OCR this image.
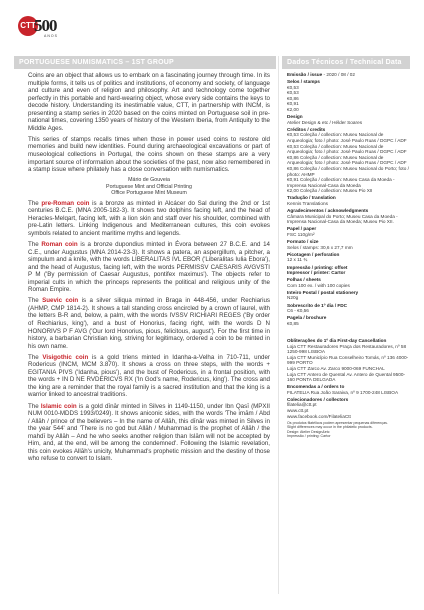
CTT
500
ANOS
PORTUGUESE NUMISMATICS – 1ST GROUP	Dados Técnicos / Technical Data

Coins are an object that allows us to embark on a fascinating journey through time. In its multiple forms, it tells us of politics and institutions, of economy and society, of language and culture and even of religion and philosophy. Art and technology come together perfectly in this portable and hard-wearing object, whose every side contains the keys to decode history. Understanding its inestimable value, CTT, in partnership with INCM, is presenting a stamp series in 2020 based on the coins minted on Portuguese soil in pre-national times, covering 1350 years of history of the Western Iberia, from Antiquity to the Middle Ages.

This series of stamps recalls times when those in power used coins to restore old memories and build new identities. Found during archaeological excavations or part of museological collections in Portugal, the coins shown on these stamps are a very important source of information about the societies of the past, now also remembered in a stamp issue where philately has a close conversation with numismatics.

Mário de Gouveia
Portuguese Mint and Official Printing
Office Portuguese Mint Museum

The pre-Roman coin is a bronze as minted in Alcácer do Sal during the 2nd or 1st centuries B.C.E. (MNA 2005-182-3). It shows two dolphins facing left, and the head of Heracles-Melqart, facing left, with a lion skin and staff over his shoulder, combined with pre-Latin letters. Linking Indigenous and Mediterranean cultures, this coin evokes symbols related to ancient maritime myths and legends.

The Roman coin is a bronze dupondius minted in Évora between 27 B.C.E. and 14 C.E., under Augustus (MNA 2014-23-3). It shows a patera, an aspergillum, a pitcher, a simpulum and a knife, with the words LIBERALITAS IVL EBOR ('Liberalitas Iulia Ebora'), and the head of Augustus, facing left, with the words PERMISSV CAESARIS AVGVSTI P M ('By permission of Caesar Augustus, pontifex maximus'). The objects refer to imperial cults in which the princeps represents the political and religious unity of the Roman Empire.

The Suevic coin is a silver siliqua minted in Braga in 448-456, under Rechiarius (AHMP, CMP 1814-2). It shows a tall standing cross encircled by a crown of laurel, with the letters B-R and, below, a palm, with the words IVSSV RICHIARI REGES ('By order of Rechiarius, king'), and a bust of Honorius, facing right, with the words D N HONORIVS P F AVG ('Our lord Honorius, pious, felicitous, august'). For the first time in history, a barbarian Christian king, striving for legitimacy, ordered a coin to be minted in his own name.

The Visigothic coin is a gold triens minted in Idanha-a-Velha in 710-711, under Rodericus (INCM, MCM 3.870). It shows a cross on three steps, with the words + EGITANIA PIVS ('Idanha, pious'), and the bust of Rodericus, in a frontal position, with the words + IN D NE RVDERICVS RX ('In God's name, Rodericus, king'). The cross and the king are a reminder that the royal family is a sacred institution and that the king is a warrior linked to ancestral traditions.

The Islamic coin is a gold dīnār minted in Silves in 1149-1150, under Ibn Qasī (MPXII NUM 0010-MDDS 1993/0249). It shows aniconic sides, with the words 'The imām / Abd / Allāh / prince of the believers – In the name of Allāh, this dīnār was minted in Silves in the year 544' and 'There is no god but Allāh / Muhammad is the prophet of Allāh / the mahdī by Allāh – And he who seeks another religion than Islām will not be accepted by Him, and, at the end, will be among the condemned'. Following the Islamic revelation, this coin evokes Allāh's unicity, Muhammad's prophetic mission and the destiny of those who refuse to convert to Islam.

Emissão / issue - 2020 / 08 / 02
Selos / stamps
€0,53
€0,53
€0,86
€0,91
€2,00
Design
Atelier Design & etc / Hélder Soares
Créditos / credits
€0,53 Coleção / collection: Museu Nacional de Arqueologia; foto / photo: José Paulo Ruas / DGPC / ADF
€0,53 Coleção / collection: Museu Nacional de Arqueologia; foto / photo: José Paulo Ruas / DGPC / ADF
€0,86 Coleção / collection: Museu Nacional de Arqueologia; foto / photo: José Paulo Ruas / DGPC / ADF
€0,86 Coleção / collection: Museu Nacional do Porto; foto / photo: AHMP
€0,91 Coleção / collection: Museu Casa da Moeda - Imprensa Nacional-Casa da Moeda
€2,00 Coleção / collection: Museu Pio XII
Tradução / translation
Kennis Translations
Agradecimentos / acknowledgments
Câmara Municipal do Porto; Museu Casa da Moeda - Imprensa Nacional-Casa da Moeda; Museu Pio XII.
Papel / paper
FSC 110g/m²
Formato / size
Selos / stamps: 30,6 x 27,7 mm
Picotagem / perforation
12 x 11 ¾
Impressão / printing: offset
Impressor / printer: Cartor
Folhas / sheets
Com 100 ex. / with 100 copies
Inteiro Postal / postal stationery
N20g
Sobrescrito de 1º dia / FDC
C6 - €0,56
Pagela / brochure
€0,85
Obliterações do 1º dia First-day Cancellation
Loja CTT Restauradores Praça dos Restauradores, nº 58 1250-998 LISBOA
Loja CTT Município Rua Conselheiro Tomás, nº 136 4000-999 PORTO
Loja CTT Zarco Av. Zarco 9000-069 FUNCHAL
Loja CTT Antero de Quental Av. Antero de Quental 9500-160 PONTA DELGADA
Encomendas a / orders to
FILATELIA Rua João Saraiva, nº 9 1700-248 LISBOA
Colecionadores / collectors
filatelia@ctt.pt
www.ctt.pt
www.facebook.com/FilateliaCtt
Os produtos filatélicos podem apresentar pequenas diferenças.
Slight differences may occur in the philatelic products.
Design: Atelier Design&etc
Impressão / printing: Cartor
